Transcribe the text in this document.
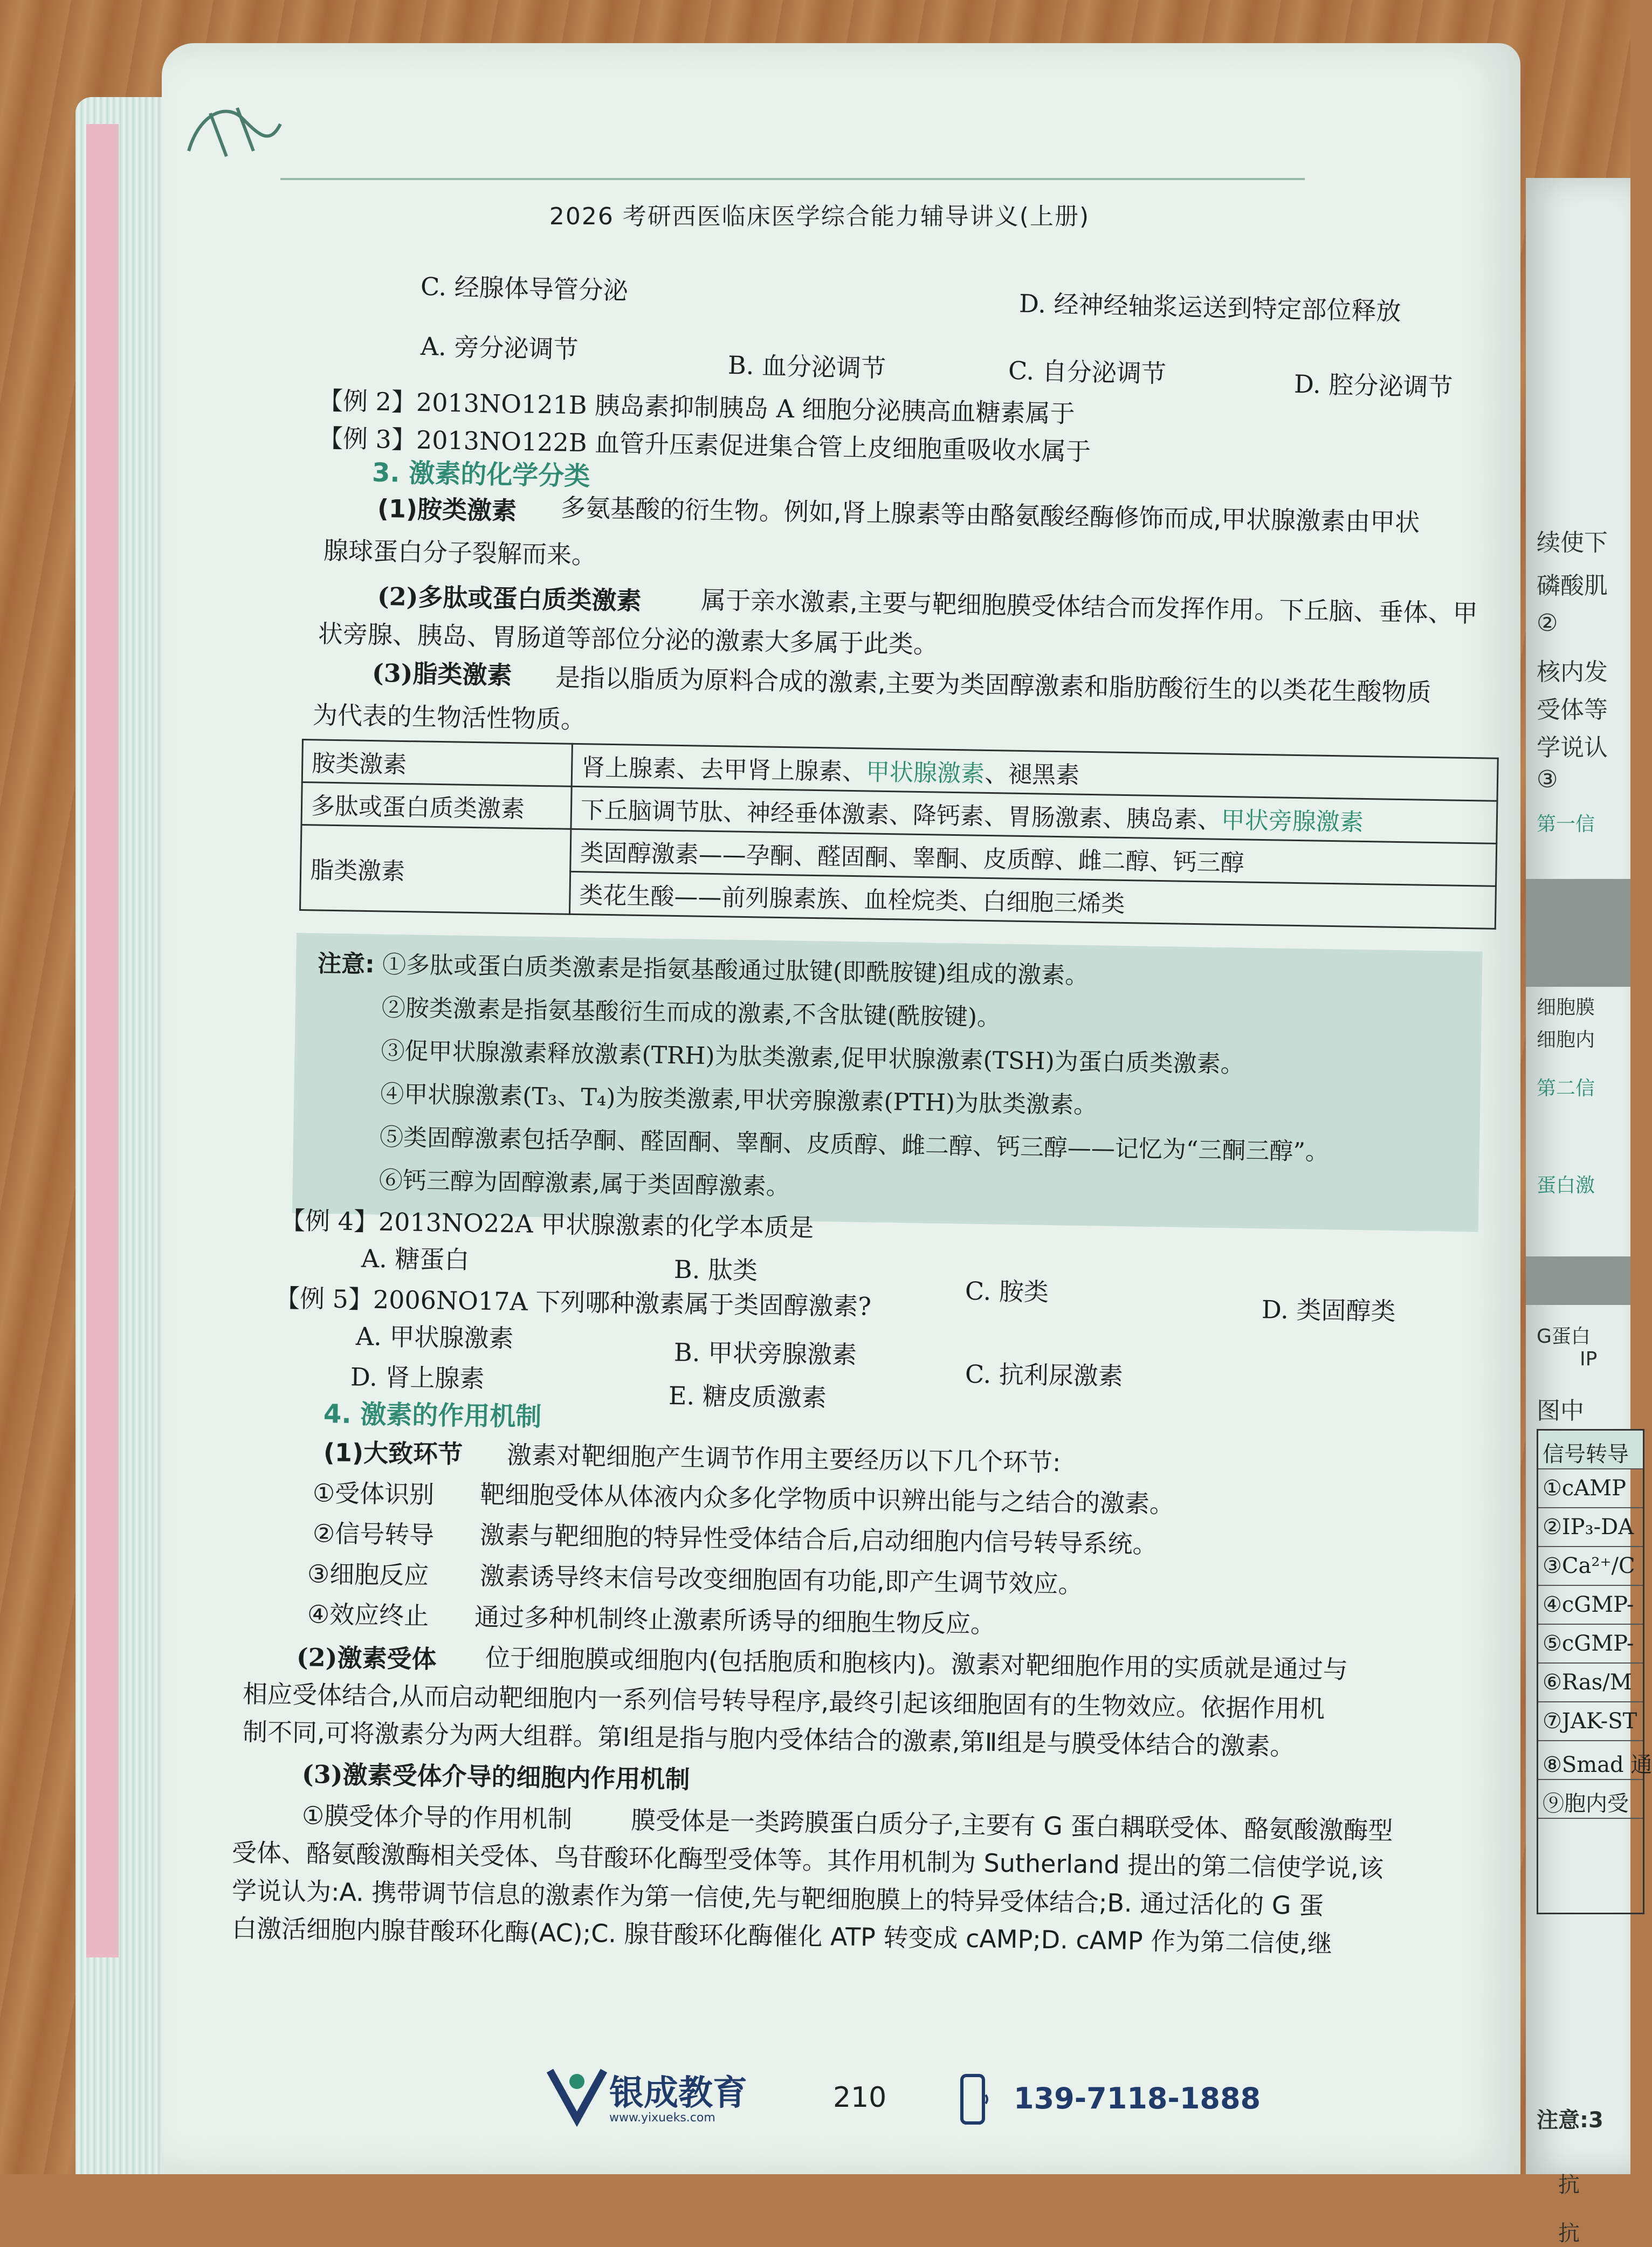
续使下
磷酸肌
②
核内发
受体等
学说认
③
第一信
细胞膜
细胞内
第二信
蛋白激
G蛋白
IP
图中
信号转导
①cAMP
②IP₃-DA
③Ca²⁺/C
④cGMP-
⑤cGMP-
⑥Ras/M
⑦JAK-ST
⑧Smad 通
⑨胞内受
注意:3
抗
抗
2026 考研西医临床医学综合能力辅导讲义(上册)
C. 经腺体导管分泌
D. 经神经轴浆运送到特定部位释放
A. 旁分泌调节
B. 血分泌调节	C. 自分泌调节	D. 腔分泌调节
【例 2】2013NO121B 胰岛素抑制胰岛 A 细胞分泌胰高血糖素属于
【例 3】2013NO122B 血管升压素促进集合管上皮细胞重吸收水属于
3. 激素的化学分类
(1)胺类激素 多氨基酸的衍生物。例如,肾上腺素等由酪氨酸经酶修饰而成,甲状腺激素由甲状
腺球蛋白分子裂解而来。
(2)多肽或蛋白质类激素 属于亲水激素,主要与靶细胞膜受体结合而发挥作用。下丘脑、垂体、甲
状旁腺、胰岛、胃肠道等部位分泌的激素大多属于此类。
(3)脂类激素 是指以脂质为原料合成的激素,主要为类固醇激素和脂肪酸衍生的以类花生酸物质
为代表的生物活性物质。
胺类激素	肾上腺素、去甲肾上腺素、甲状腺激素、褪黑素
多肽或蛋白质类激素	下丘脑调节肽、神经垂体激素、降钙素、胃肠激素、胰岛素、甲状旁腺激素
脂类激素	类固醇激素——孕酮、醛固酮、睾酮、皮质醇、雌二醇、钙三醇
	类花生酸——前列腺素族、血栓烷类、白细胞三烯类
注意: ①多肽或蛋白质类激素是指氨基酸通过肽键(即酰胺键)组成的激素。
②胺类激素是指氨基酸衍生而成的激素,不含肽键(酰胺键)。
③促甲状腺激素释放激素(TRH)为肽类激素,促甲状腺激素(TSH)为蛋白质类激素。
④甲状腺激素(T₃、T₄)为胺类激素,甲状旁腺激素(PTH)为肽类激素。
⑤类固醇激素包括孕酮、醛固酮、睾酮、皮质醇、雌二醇、钙三醇——记忆为“三酮三醇”。
⑥钙三醇为固醇激素,属于类固醇激素。
【例 4】2013NO22A 甲状腺激素的化学本质是
A. 糖蛋白	B. 肽类
C. 胺类
D. 类固醇类
【例 5】2006NO17A 下列哪种激素属于类固醇激素?
A. 甲状腺激素
B. 甲状旁腺激素
C. 抗利尿激素
D. 肾上腺素
E. 糖皮质激素
4. 激素的作用机制
(1)大致环节 激素对靶细胞产生调节作用主要经历以下几个环节:
①受体识别 靶细胞受体从体液内众多化学物质中识辨出能与之结合的激素。
②信号转导 激素与靶细胞的特异性受体结合后,启动细胞内信号转导系统。
③细胞反应 激素诱导终末信号改变细胞固有功能,即产生调节效应。
④效应终止 通过多种机制终止激素所诱导的细胞生物反应。
(2)激素受体 位于细胞膜或细胞内(包括胞质和胞核内)。激素对靶细胞作用的实质就是通过与
相应受体结合,从而启动靶细胞内一系列信号转导程序,最终引起该细胞固有的生物效应。依据作用机
制不同,可将激素分为两大组群。第Ⅰ组是指与胞内受体结合的激素,第Ⅱ组是与膜受体结合的激素。
(3)激素受体介导的细胞内作用机制
①膜受体介导的作用机制 膜受体是一类跨膜蛋白质分子,主要有 G 蛋白耦联受体、酪氨酸激酶型
受体、酪氨酸激酶相关受体、鸟苷酸环化酶型受体等。其作用机制为 Sutherland 提出的第二信使学说,该
学说认为:A. 携带调节信息的激素作为第一信使,先与靶细胞膜上的特异受体结合;B. 通过活化的 G 蛋
白激活细胞内腺苷酸环化酶(AC);C. 腺苷酸环化酶催化 ATP 转变成 cAMP;D. cAMP 作为第二信使,继
银成教育
www.yixueks.com
210	139-7118-1888
